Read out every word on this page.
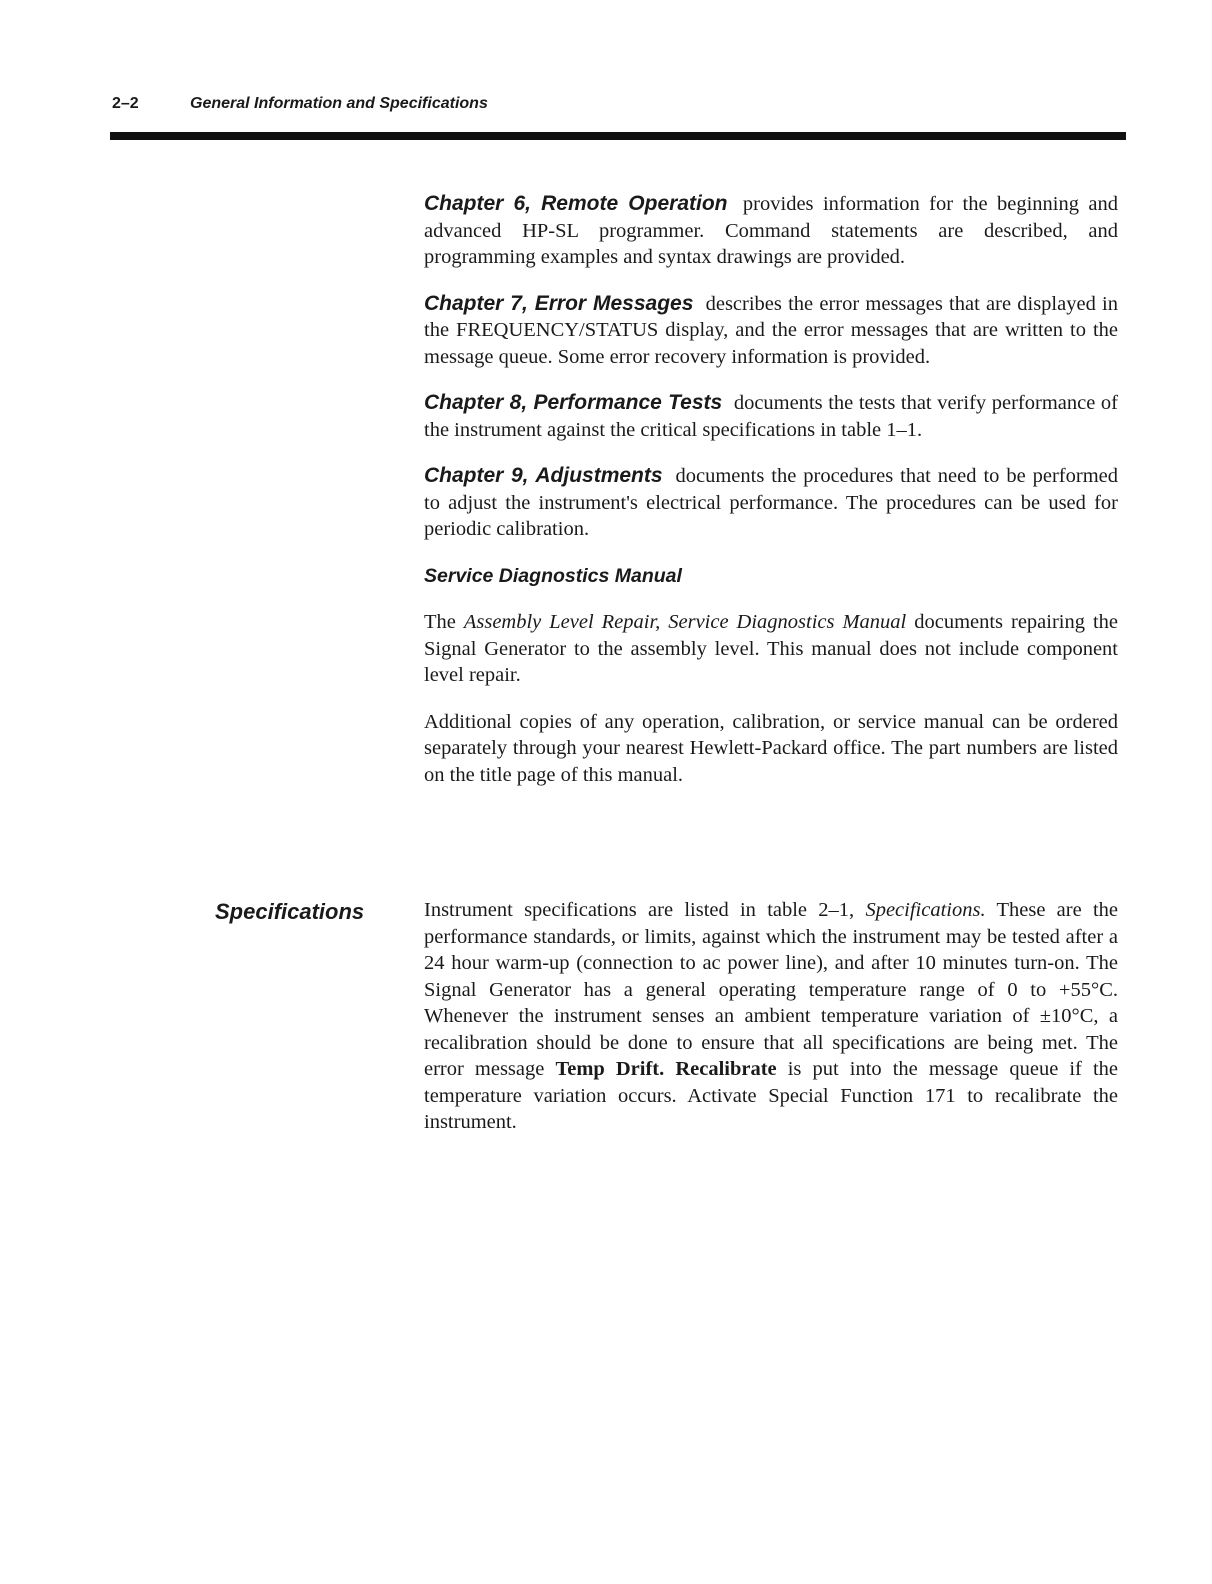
2–2	General Information and Specifications

Chapter 6, Remote Operation provides information for the beginning and advanced HP-SL programmer. Command statements are described, and programming examples and syntax drawings are provided.

Chapter 7, Error Messages describes the error messages that are displayed in the FREQUENCY/STATUS display, and the error messages that are written to the message queue. Some error recovery information is provided.

Chapter 8, Performance Tests documents the tests that verify performance of the instrument against the critical specifications in table 1–1.

Chapter 9, Adjustments documents the procedures that need to be performed to adjust the instrument's electrical performance. The procedures can be used for periodic calibration.

Service Diagnostics Manual

The Assembly Level Repair, Service Diagnostics Manual documents repairing the Signal Generator to the assembly level. This manual does not include component level repair.

Additional copies of any operation, calibration, or service manual can be ordered separately through your nearest Hewlett-Packard office. The part numbers are listed on the title page of this manual.

Specifications	Instrument specifications are listed in table 2–1, Specifications. These are the performance standards, or limits, against which the instrument may be tested after a 24 hour warm-up (connection to ac power line), and after 10 minutes turn-on. The Signal Generator has a general operating temperature range of 0 to +55°C. Whenever the instrument senses an ambient temperature variation of ±10°C, a recalibration should be done to ensure that all specifications are being met. The error message Temp Drift. Recalibrate is put into the message queue if the temperature variation occurs. Activate Special Function 171 to recalibrate the instrument.
